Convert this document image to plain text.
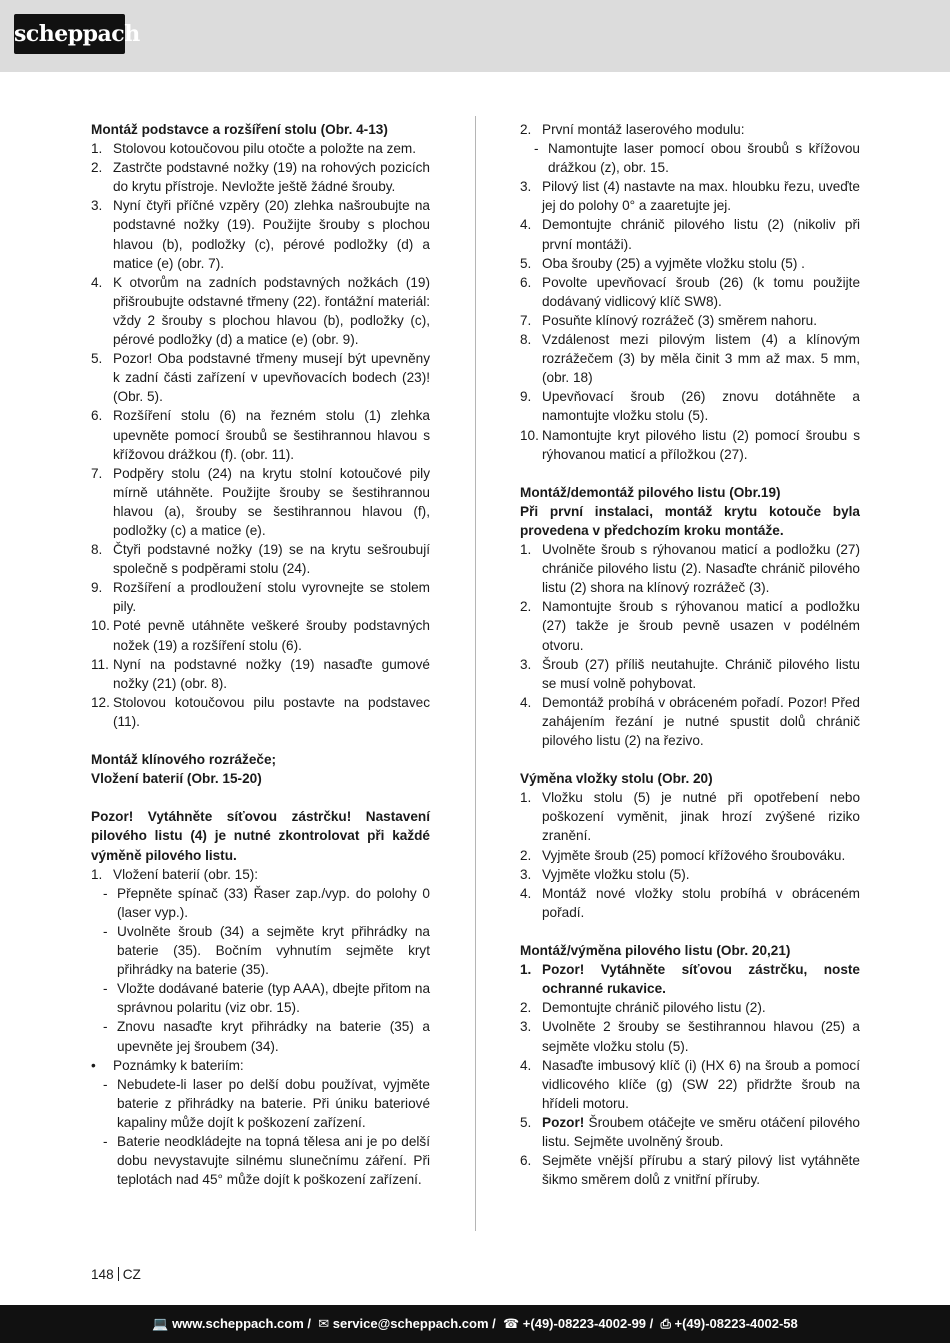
scheppach
Montáž podstavce a rozšíření stolu (Obr. 4-13)
1. Stolovou kotoučovou pilu otočte a položte na zem.
2. Zastrčte podstavné nožky (19) na rohových pozicích do krytu přístroje. Nevložte ještě žádné šrouby.
3. Nyní čtyři příčné vzpěry (20) zlehka našroubujte na podstavné nožky (19). Použijte šrouby s plochou hlavou (b), podložky (c), pérové podložky (d) a matice (e) (obr. 7).
4. K otvorům na zadních podstavných nožkách (19) přišroubujte odstavné třmeny (22). řontážní materiál: vždy 2 šrouby s plochou hlavou (b), podložky (c), pérové podložky (d) a matice (e) (obr. 9).
5. Pozor! Oba podstavné třmeny musejí být upevněny k zadní části zařízení v upevňovacích bodech (23)! (Obr. 5).
6. Rozšíření stolu (6) na řezném stolu (1) zlehka upevněte pomocí šroubů se šestihrannou hlavou s křížovou drážkou (f). (obr. 11).
7. Podpěry stolu (24) na krytu stolní kotoučové pily mírně utáhněte. Použijte šrouby se šestihrannou hlavou (a), šrouby se šestihrannou hlavou (f), podložky (c) a matice (e).
8. Čtyři podstavné nožky (19) se na krytu sešroubují společně s podpěrami stolu (24).
9. Rozšíření a prodloužení stolu vyrovnejte se stolem pily.
10. Poté pevně utáhněte veškeré šrouby podstavných nožek (19) a rozšíření stolu (6).
11. Nyní na podstavné nožky (19) nasaďte gumové nožky (21) (obr. 8).
12. Stolovou kotoučovou pilu postavte na podstavec (11).
Montáž klínového rozrážeče;
Vložení baterií (Obr. 15-20)

Pozor! Vytáhněte síťovou zástrčku! Nastavení pilového listu (4) je nutné zkontrolovat při každé výměně pilového listu.

1. Vložení baterií (obr. 15):
- Přepněte spínač (33) Řaser zap./vyp. do polohy 0 (laser vyp.).
- Uvolněte šroub (34) a sejměte kryt přihrádky na baterie (35). Bočním vyhnutím sejměte kryt přihrádky na baterie (35).
- Vložte dodávané baterie (typ AAA), dbejte přitom na správnou polaritu (viz obr. 15).
- Znovu nasaďte kryt přihrádky na baterie (35) a upevněte jej šroubem (34).
•	Poznámky k bateriím:
- Nebudete-li laser po delší dobu používat, vyjměte baterie z přihrádky na baterie. Při úniku bateriové kapaliny může dojít k poškození zařízení.
- Baterie neodkládejte na topná tělesa ani je po delší dobu nevystavujte silnému slunečnímu záření. Při teplotách nad 45° může dojít k poškození zařízení.
2. První montáž laserového modulu:
- Namontujte laser pomocí obou šroubů s křížovou drážkou (z), obr. 15.
3. Pilový list (4) nastavte na max. hloubku řezu, uveďte jej do polohy 0° a zaaretujte jej.
4. Demontujte chránič pilového listu (2) (nikoliv při první montáži).
5. Oba šrouby (25) a vyjměte vložku stolu (5) .
6. Povolte upevňovací šroub (26) (k tomu použijte dodávaný vidlicový klíč SW8).
7. Posuňte klínový rozrážeč (3) směrem nahoru.
8. Vzdálenost mezi pilovým listem (4) a klínovým rozrážečem (3) by měla činit 3 mm až max. 5 mm, (obr. 18)
9. Upevňovací šroub (26) znovu dotáhněte a namontujte vložku stolu (5).
10. Namontujte kryt pilového listu (2) pomocí šroubu s rýhovanou maticí a příložkou (27).
Montáž/demontáž pilového listu (Obr.19)

Při první instalaci, montáž krytu kotouče byla provedena v předchozím kroku montáže.

1. Uvolněte šroub s rýhovanou maticí a podložku (27) chrániče pilového listu (2). Nasaďte chránič pilového listu (2) shora na klínový rozrážeč (3).
2. Namontujte šroub s rýhovanou maticí a podložku (27) takže je šroub pevně usazen v podélném otvoru.
3. Šroub (27) příliš neutahujte. Chránič pilového listu se musí volně pohybovat.
4. Demontáž probíhá v obráceném pořadí. Pozor! Před zahájením řezání je nutné spustit dolů chránič pilového listu (2) na řezivo.
Výměna vložky stolu (Obr. 20)
1. Vložku stolu (5) je nutné při opotřebení nebo poškození vyměnit, jinak hrozí zvýšené riziko zranění.
2. Vyjměte šroub (25) pomocí křížového šroubováku.
3. Vyjměte vložku stolu (5).
4. Montáž nové vložky stolu probíhá v obráceném pořadí.
Montáž/výměna pilového listu (Obr. 20,21)
1. Pozor! Vytáhněte síťovou zástrčku, noste ochranné rukavice.
2. Demontujte chránič pilového listu (2).
3. Uvolněte 2 šrouby se šestihrannou hlavou (25) a sejměte vložku stolu (5).
4. Nasaďte imbusový klíč (i) (HX 6) na šroub a pomocí vidlicového klíče (g) (SW 22) přidržte šroub na hřídeli motoru.
5. Pozor! Šroubem otáčejte ve směru otáčení pilového listu. Sejměte uvolněný šroub.
6. Sejměte vnější přírubu a starý pilový list vytáhněte šikmo směrem dolů z vnitřní příruby.
148 CZ
💻 www.scheppach.com /  ✉ service@scheppach.com /  ☎ +(49)-08223-4002-99 /  ⎙ +(49)-08223-4002-58
